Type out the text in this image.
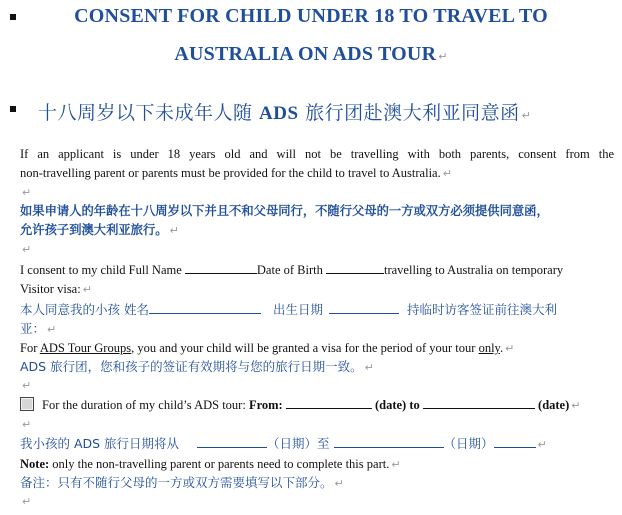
CONSENT FOR CHILD UNDER 18 TO TRAVEL TO
AUSTRALIA ON ADS TOUR ↵
十八周岁以下未成年人随 ADS 旅行团赴澳大利亚同意函 ↵
If an applicant is under 18 years old and will not be travelling with both parents, consent from the
non-travelling parent or parents must be provided for the child to travel to Australia. ↵
↵
如果申请人的年龄在十八周岁以下并且不和父母同行，不随行父母的一方或双方必须提供同意函，
允许孩子到澳大利亚旅行。 ↵
↵
I consent to my child Full Name	Date of Birth	travelling to Australia on temporary
Visitor visa: ↵
本人同意我的小孩 姓名	出生日期	持临时访客签证前往澳大利
亚： ↵
For ADS Tour Groups, you and your child will be granted a visa for the period of your tour only. ↵
ADS 旅行团，您和孩子的签证有效期将与您的旅行日期一致。 ↵
↵
For the duration of my child’s ADS tour: From:	(date) to	(date) ↵
↵
我小孩的 ADS 旅行日期将从	（日期）至	（日期）	↵
Note: only the non-travelling parent or parents need to complete this part. ↵
备注：只有不随行父母的一方或双方需要填写以下部分。 ↵
↵
